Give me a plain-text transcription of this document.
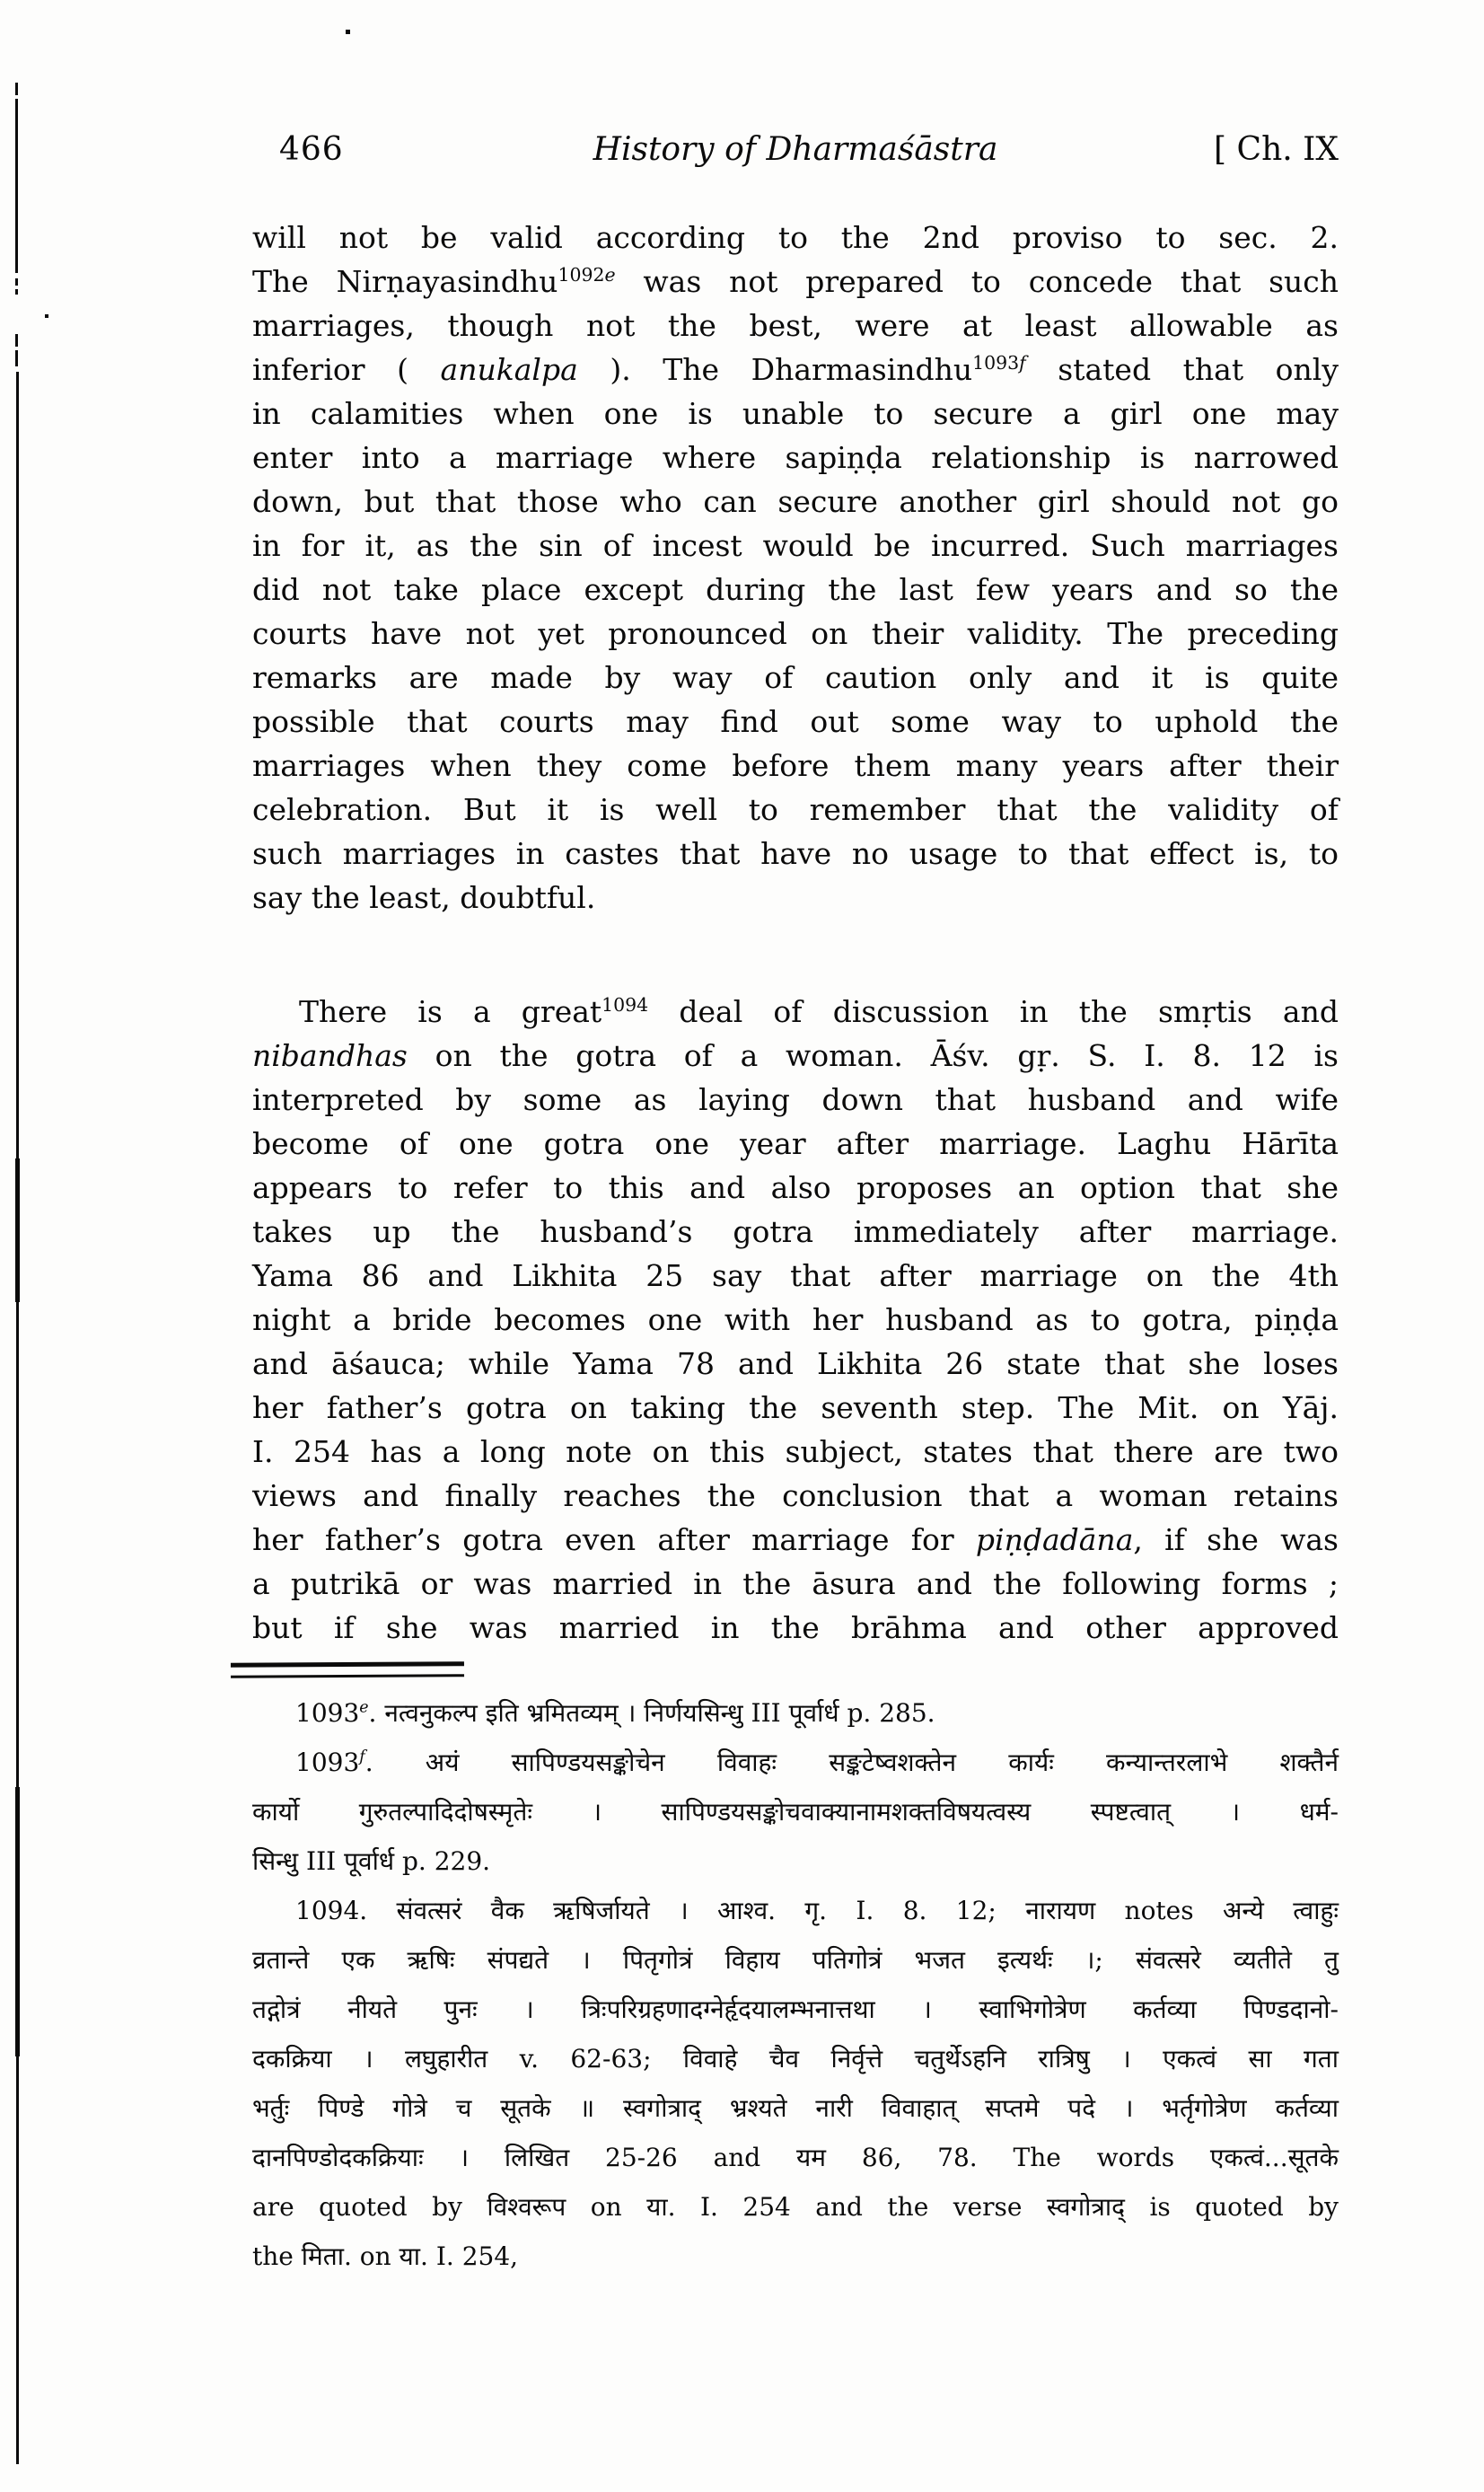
466	History of Dharmaśāstra	[ Ch. IX
will not be valid according to the 2nd proviso to sec. 2.
The Nirṇayasindhu$^{1092e}$ was not prepared to concede that such
marriages, though not the best, were at least allowable as
inferior ( anukalpa ). The Dharmasindhu$^{1093f}$ stated that only
in calamities when one is unable to secure a girl one may
enter into a marriage where sapiṇḍa relationship is narrowed
down, but that those who can secure another girl should not go
in for it, as the sin of incest would be incurred. Such marriages
did not take place except during the last few years and so the
courts have not yet pronounced on their validity. The preceding
remarks are made by way of caution only and it is quite
possible that courts may find out some way to uphold the
marriages when they come before them many years after their
celebration. But it is well to remember that the validity of
such marriages in castes that have no usage to that effect is, to
say the least, doubtful.
There is a great$^{1094}$ deal of discussion in the smṛtis and
nibandhas on the gotra of a woman. Āśv. gṛ. S. I. 8. 12 is
interpreted by some as laying down that husband and wife
become of one gotra one year after marriage. Laghu Hārīta
appears to refer to this and also proposes an option that she
takes up the husband’s gotra immediately after marriage.
Yama 86 and Likhita 25 say that after marriage on the 4th
night a bride becomes one with her husband as to gotra, piṇḍa
and āśauca; while Yama 78 and Likhita 26 state that she loses
her father’s gotra on taking the seventh step. The Mit. on Yāj.
I. 254 has a long note on this subject, states that there are two
views and finally reaches the conclusion that a woman retains
her father’s gotra even after marriage for piṇḍadāna, if she was
a putrikā or was married in the āsura and the following forms ;
but if she was married in the brāhma and other approved
1093e. नत्वनुकल्प इति भ्रमितव्यम् । निर्णयसिन्धु III पूर्वार्ध p. 285.
1093$^f$. अयं सापिण्डयसङ्कोचेन विवाहः सङ्कटेष्वशक्तेन कार्यः कन्यान्तरलाभे शक्तैर्न
कार्यो गुरुतल्पादिदोषस्मृतेः । सापिण्डयसङ्कोचवाक्यानामशक्तविषयत्वस्य स्पष्टत्वात् । धर्म-
सिन्धु III पूर्वार्ध p. 229.
1094. संवत्सरं वैक ऋषिर्जायते । आश्व. गृ. I. 8. 12; नारायण notes अन्ये त्वाहुः
व्रतान्ते एक ऋषिः संपद्यते । पितृगोत्रं विहाय पतिगोत्रं भजत इत्यर्थः ।; संवत्सरे व्यतीते तु
तद्गोत्रं नीयते पुनः । त्रिःपरिग्रहणादग्नेर्हृदयालम्भनात्तथा । स्वाभिगोत्रेण कर्तव्या पिण्डदानो-
दकक्रिया । लघुहारीत v. 62-63; विवाहे चैव निर्वृत्ते चतुर्थेऽहनि रात्रिषु । एकत्वं सा गता
भर्तुः पिण्डे गोत्रे च सूतके ॥ स्वगोत्राद् भ्रश्यते नारी विवाहात् सप्तमे पदे । भर्तृगोत्रेण कर्तव्या
दानपिण्डोदकक्रियाः । लिखित 25-26 and यम 86, 78. The words एकत्वं...सूतके
are quoted by विश्वरूप on या. I. 254 and the verse स्वगोत्राद् is quoted by
the मिता. on या. I. 254,
